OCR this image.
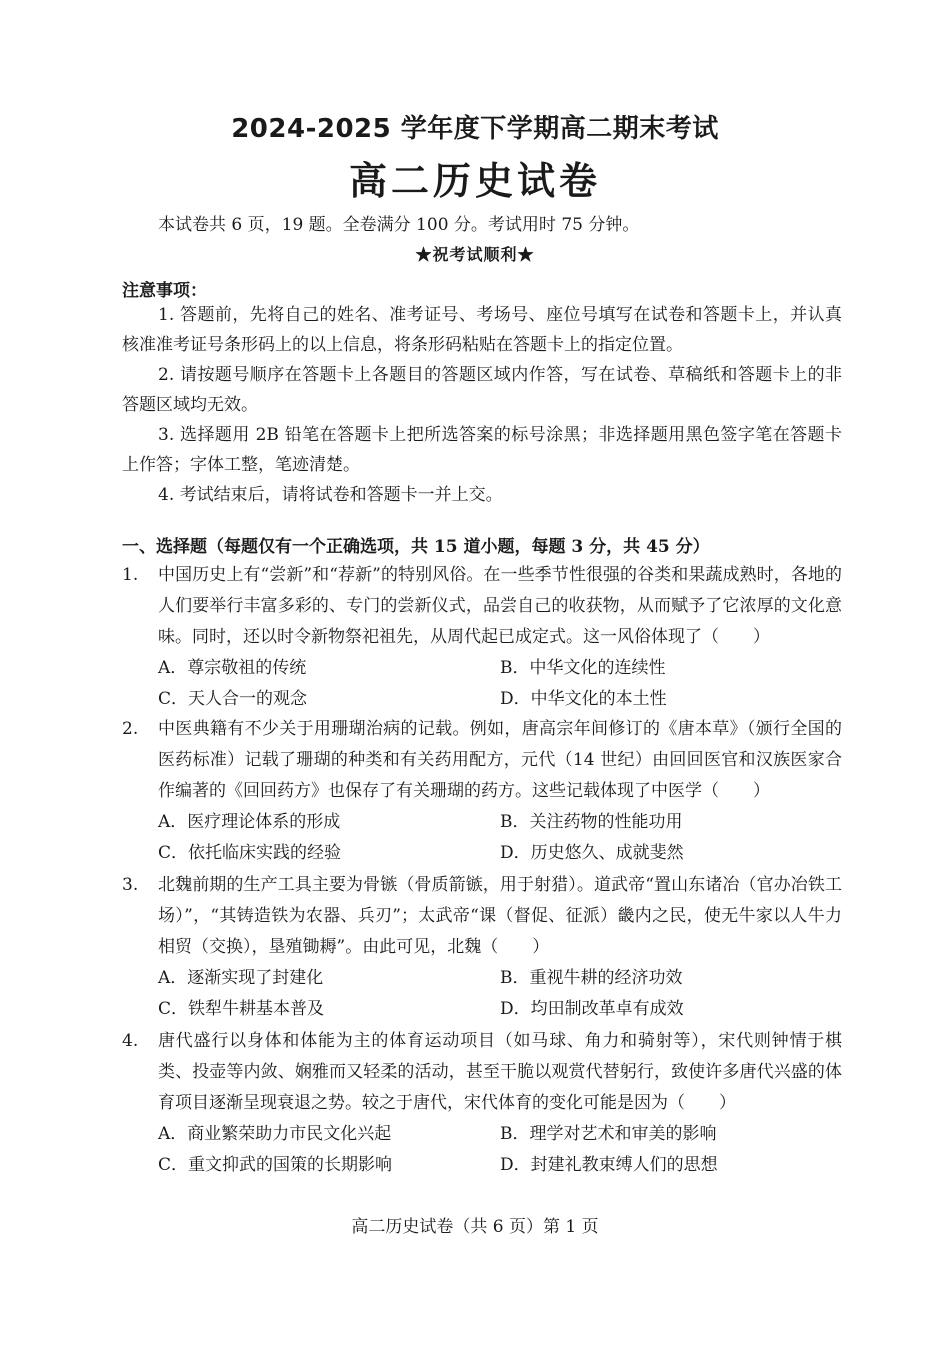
2024-2025 学年度下学期高二期末考试
高二历史试卷
本试卷共 6 页，19 题。全卷满分 100 分。考试用时 75 分钟。
★祝考试顺利★
注意事项：
1. 答题前，先将自己的姓名、准考证号、考场号、座位号填写在试卷和答题卡上，并认真核准准考证号条形码上的以上信息，将条形码粘贴在答题卡上的指定位置。
2. 请按题号顺序在答题卡上各题目的答题区域内作答，写在试卷、草稿纸和答题卡上的非答题区域均无效。
3. 选择题用 2B 铅笔在答题卡上把所选答案的标号涂黑；非选择题用黑色签字笔在答题卡上作答；字体工整，笔迹清楚。
4. 考试结束后，请将试卷和答题卡一并上交。
一、选择题（每题仅有一个正确选项，共 15 道小题，每题 3 分，共 45 分）
1.	中国历史上有“尝新”和“荐新”的特别风俗。在一些季节性很强的谷类和果蔬成熟时，各地的人们要举行丰富多彩的、专门的尝新仪式，品尝自己的收获物，从而赋予了它浓厚的文化意味。同时，还以时令新物祭祀祖先，从周代起已成定式。这一风俗体现了（　　）
A．尊宗敬祖的传统	B．中华文化的连续性
C．天人合一的观念	D．中华文化的本土性
2.	中医典籍有不少关于用珊瑚治病的记载。例如，唐高宗年间修订的《唐本草》（颁行全国的医药标准）记载了珊瑚的种类和有关药用配方，元代（14 世纪）由回回医官和汉族医家合作编著的《回回药方》也保存了有关珊瑚的药方。这些记载体现了中医学（　　）
A．医疗理论体系的形成	B．关注药物的性能功用
C．依托临床实践的经验	D．历史悠久、成就斐然
3.	北魏前期的生产工具主要为骨镞（骨质箭镞，用于射猎）。道武帝“置山东诸冶（官办冶铁工场）”，“其铸造铁为农器、兵刃”；太武帝“课（督促、征派）畿内之民，使无牛家以人牛力相贸（交换），垦殖锄耨”。由此可见，北魏（　　）
A．逐渐实现了封建化	B．重视牛耕的经济功效
C．铁犁牛耕基本普及	D．均田制改革卓有成效
4.	唐代盛行以身体和体能为主的体育运动项目（如马球、角力和骑射等），宋代则钟情于棋类、投壶等内敛、娴雅而又轻柔的活动，甚至干脆以观赏代替躬行，致使许多唐代兴盛的体育项目逐渐呈现衰退之势。较之于唐代，宋代体育的变化可能是因为（　　）
A．商业繁荣助力市民文化兴起	B．理学对艺术和审美的影响
C．重文抑武的国策的长期影响	D．封建礼教束缚人们的思想
高二历史试卷（共 6 页）第 1 页
